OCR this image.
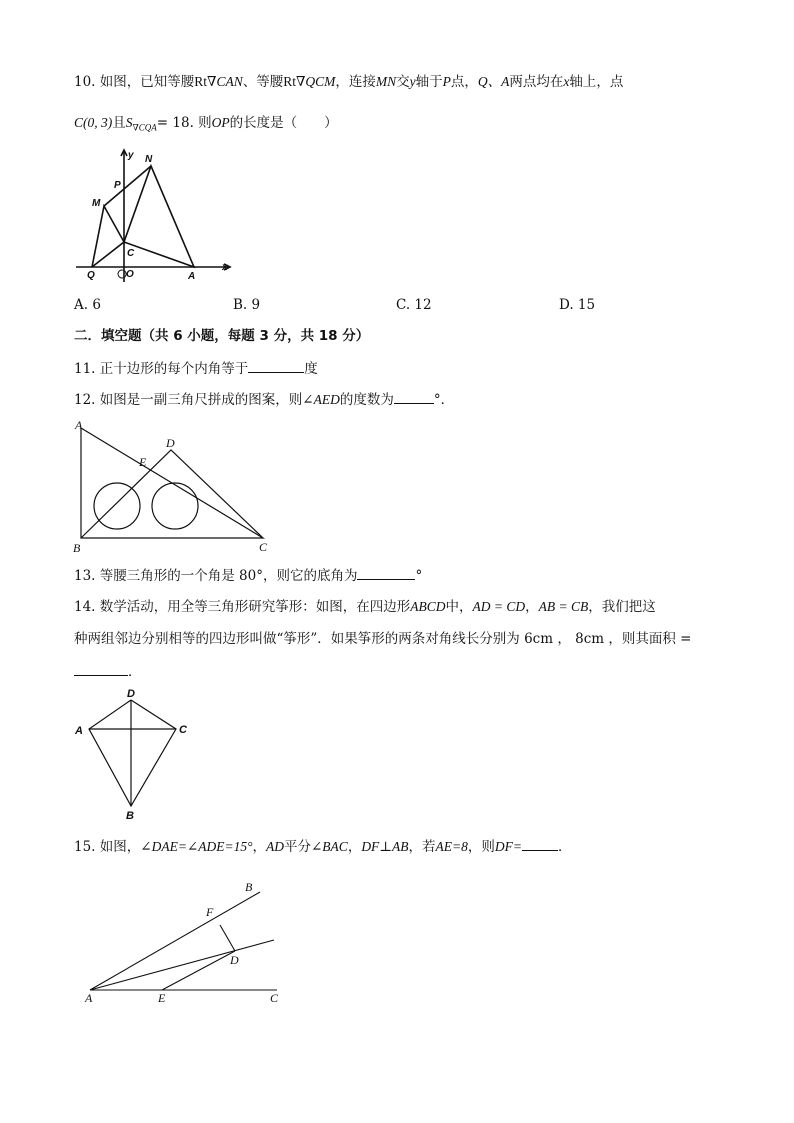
10. 如图，已知等腰Rt∇CAN、等腰Rt∇QCM，连接MN交y轴于P点，Q、A两点均在x轴上，点
C(0, 3)且$S_{\nabla CQA}= 18$. 则OP的长度是（　　）
y N
P
M
C
Q	O	A
x
A. 6	B. 9	C. 12	D. 15
二．填空题（共 6 小题，每题 3 分，共 18 分）
11. 正十边形的每个内角等于	度
12. 如图是一副三角尺拼成的图案，则∠AED的度数为	°．
A
D
E
B	C
13. 等腰三角形的一个角是 80°，则它的底角为	°
14. 数学活动，用全等三角形研究筝形：如图，在四边形ABCD中，AD = CD，AB = CB，我们把这
种两组邻边分别相等的四边形叫做“筝形”．如果筝形的两条对角线长分别为 6cm ， 8cm ，则其面积 =
．
D
A	C
B
15. 如图，∠DAE=∠ADE=15°，AD平分∠BAC，DF⊥AB，若AE=8，则DF=	．
B
F
D
A	E	C
